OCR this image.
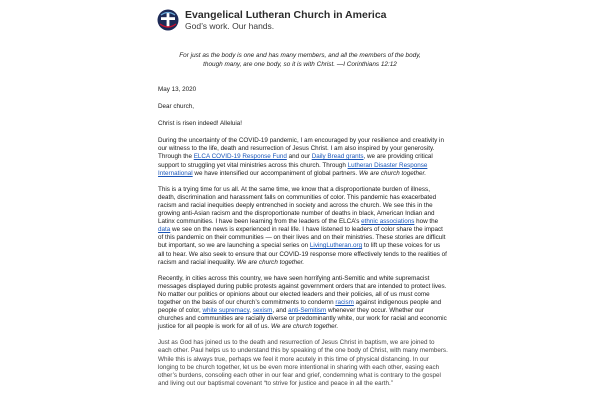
Evangelical Lutheran Church in America
God’s work. Our hands.
For just as the body is one and has many members, and all the members of the body,
though many, are one body, so it is with Christ. —I Corinthians 12:12

May 13, 2020

Dear church,

Christ is risen indeed! Alleluia!

During the uncertainty of the COVID-19 pandemic, I am encouraged by your resilience and creativity in our witness to the life, death and resurrection of Jesus Christ. I am also inspired by your generosity. Through the ELCA COVID-19 Response Fund and our Daily Bread grants, we are providing critical support to struggling yet vital ministries across this church. Through Lutheran Disaster Response International we have intensified our accompaniment of global partners. We are church together.

This is a trying time for us all. At the same time, we know that a disproportionate burden of illness, death, discrimination and harassment falls on communities of color. This pandemic has exacerbated racism and racial inequities deeply entrenched in society and across the church. We see this in the growing anti-Asian racism and the disproportionate number of deaths in black, American Indian and Latinx communities. I have been learning from the leaders of the ELCA’s ethnic associations how the data we see on the news is experienced in real life. I have listened to leaders of color share the impact of this pandemic on their communities — on their lives and on their ministries. These stories are difficult but important, so we are launching a special series on LivingLutheran.org to lift up these voices for us all to hear. We also seek to ensure that our COVID-19 response more effectively tends to the realities of racism and racial inequality. We are church together.

Recently, in cities across this country, we have seen horrifying anti-Semitic and white supremacist messages displayed during public protests against government orders that are intended to protect lives. No matter our politics or opinions about our elected leaders and their policies, all of us must come together on the basis of our church’s commitments to condemn racism against indigenous people and people of color, white supremacy, sexism, and anti-Semitism whenever they occur. Whether our churches and communities are racially diverse or predominantly white, our work for racial and economic justice for all people is work for all of us. We are church together.

Just as God has joined us to the death and resurrection of Jesus Christ in baptism, we are joined to each other. Paul helps us to understand this by speaking of the one body of Christ, with many members. While this is always true, perhaps we feel it more acutely in this time of physical distancing. In our longing to be church together, let us be even more intentional in sharing with each other, easing each other’s burdens, consoling each other in our fear and grief, condemning what is contrary to the gospel and living out our baptismal covenant “to strive for justice and peace in all the earth.”
